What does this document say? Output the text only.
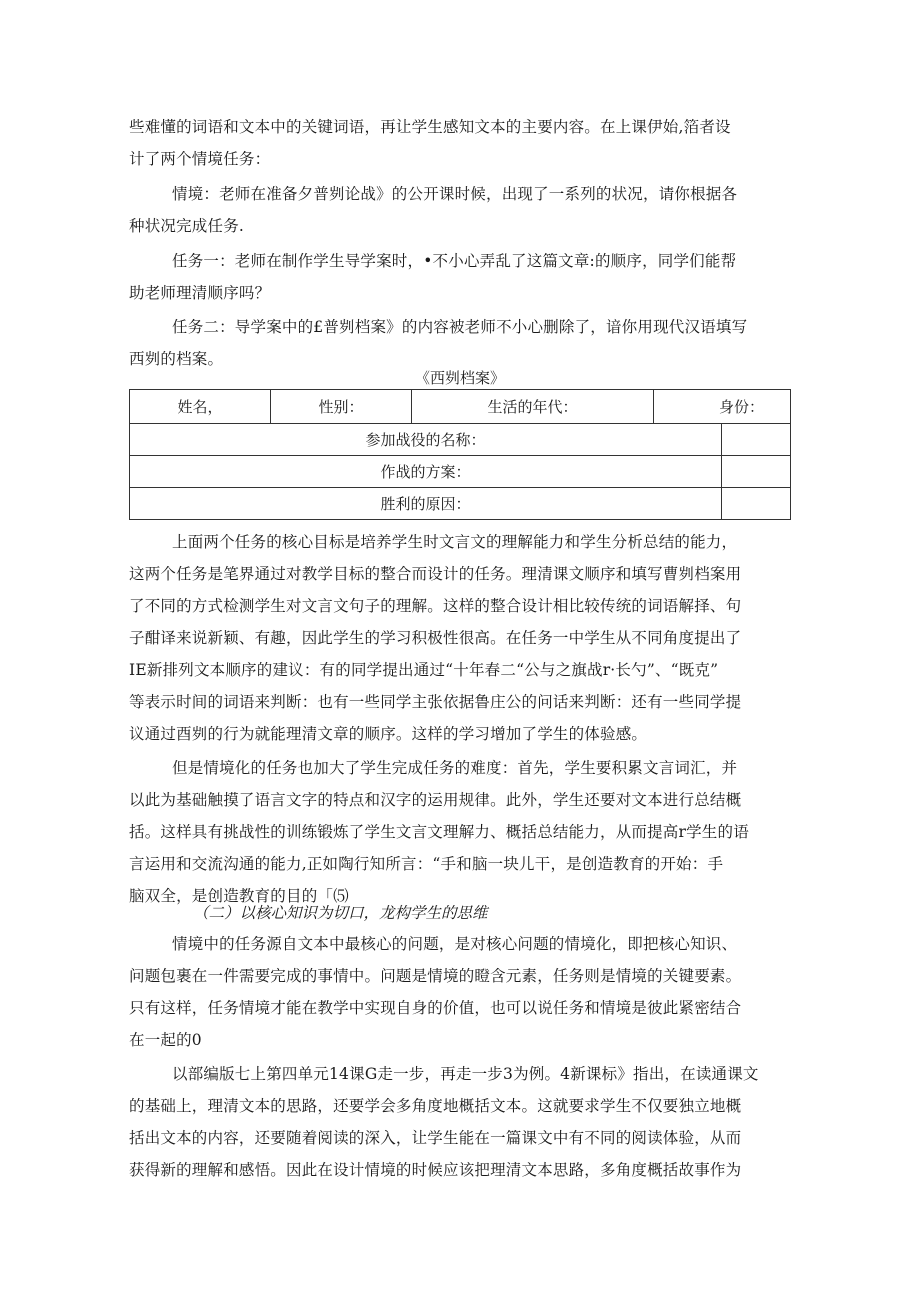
些难懂的词语和文本中的关键词语，再让学生感知文本的主要内容。在上课伊始,箔者设

计了两个情境任务：

情境：老师在准备夕普刿论战》的公开课时候，出现了一系列的状况，请你根据各

种状况完成任务.

任务一：老师在制作学生导学案时，•不小心弄乱了这篇文章:的顺序，同学们能帮

助老师理清顺序吗？

任务二：导学案中的£普刿档案》的内容被老师不小心删除了，谙你用现代汉语填写

西刿的档案。

《西刿档案》
姓名，	性别：	生活的年代：	身份：	
参加战役的名称：				
作战的方案：				
胜利的原因：				

上面两个任务的核心目标是培养学生时文言文的理解能力和学生分析总结的能力，

这两个任务是笔界通过对教学目标的整合而设计的任务。理清课文顺序和填写曹刿档案用

了不同的方式检测学生对文言文句子的理解。这样的整合设计相比较传统的词语解择、句

子酣译来说新颖、有趣，因此学生的学习积极性很高。在任务一中学生从不同角度提出了

IE新排列文本顺序的建议：有的同学提出通过“十年春二“公与之旗战r·长勺”、“既克”

等表示时间的词语来判断：也有一些同学主张依据鲁庄公的问话来判断：还有一些同学提

议通过酉刿的行为就能理清文章的顺序。这样的学习增加了学生的体验感。

但是情境化的任务也加大了学生完成任务的难度：首先，学生要积累文言词汇，并

以此为基础触摸了语言文字的特点和汉字的运用规律。此外，学生还要对文本进行总结概

括。这样具有挑战性的训练锻炼了学生文言文理解力、概括总结能力，从而提高r学生的语

言运用和交流沟通的能力,正如陶行知所言：“手和脑一块儿干，是创造教育的开始：手

脑双全，是创造教育的目的「⑸

（二）以核心知识为切口，龙构学生的思维

情境中的任务源自文本中最核心的问题，是对核心问题的情境化，即把核心知识、

问题包裹在一件需要完成的事情中。问题是情境的瞪含元素，任务则是情境的关键要素。

只有这样，任务情境才能在教学中实现自身的价值，也可以说任务和情境是彼此紧密结合

在一起的0

以部编版七上第四单元14课G走一步，再走一步3为例。4新课标》指出，在读通课文

的基础上，理清文本的思路，还要学会多角度地概括文本。这就要求学生不仅要独立地概

括出文本的内容，还要随着阅读的深入，让学生能在一篇课文中有不同的阅读体验，从而

获得新的理解和感悟。因此在设计情境的时候应该把理清文本思路，多角度概括故事作为
